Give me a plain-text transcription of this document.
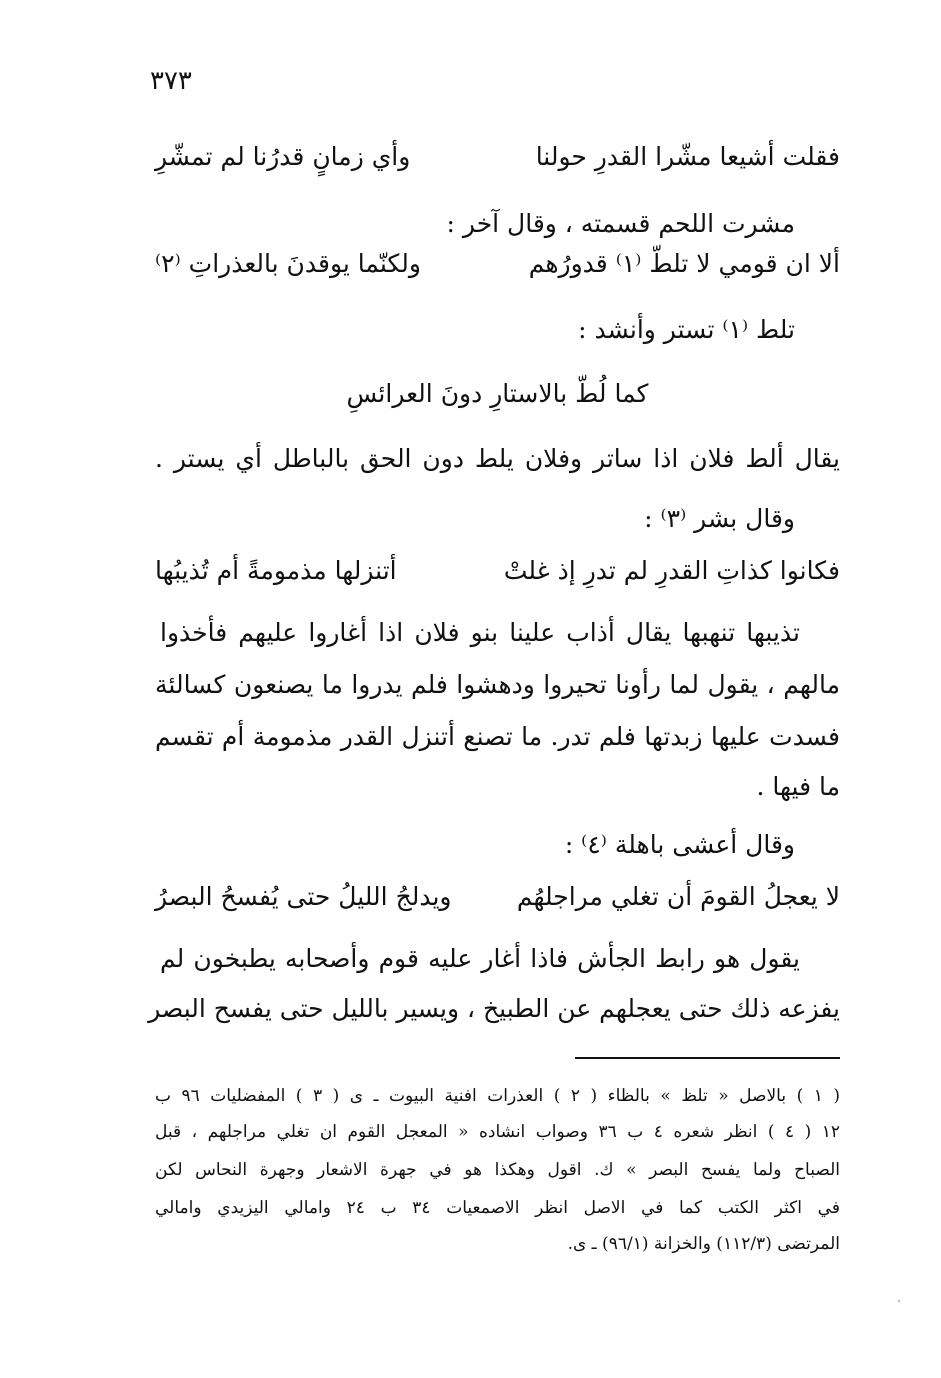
٣٧٣
فقلت أشيعا مشّرا القدرِ حولنا
وأي زمانٍ قدرُنا لم تمشّرِ
مشرت اللحم قسمته ، وقال آخر :
ألا ان قومي لا تلطّ ⁽١⁾ قدورُهم
ولكنّما يوقدنَ بالعذراتِ ⁽٢⁾
تلط ⁽١⁾ تستر وأنشد :
كما لُطّ بالاستارِ دونَ العرائسِ
يقال ألط فلان اذا ساتر وفلان يلط دون الحق بالباطل أي يستر .
وقال بشر ⁽٣⁾ :
فكانوا كذاتِ القدرِ لم تدرِ إذ غلتْ
أتنزلها مذمومةً أم تُذيبُها
تذيبها تنهبها يقال أذاب علينا بنو فلان اذا أغاروا عليهم فأخذوا
مالهم ، يقول لما رأونا تحيروا ودهشوا فلم يدروا ما يصنعون كسالئة
فسدت عليها زبدتها فلم تدر. ما تصنع أتنزل القدر مذمومة أم تقسم
ما فيها .
وقال أعشى باهلة ⁽٤⁾ :
لا يعجلُ القومَ أن تغلي مراجلهُم
ويدلجُ الليلُ حتى يُفسحُ البصرُ
يقول هو رابط الجأش فاذا أغار عليه قوم وأصحابه يطبخون لم
يفزعه ذلك حتى يعجلهم عن الطبيخ ، ويسير بالليل حتى يفسح البصر
( ١ ) بالاصل « تلظ » بالظاء ( ٢ ) العذرات افنية البيوت ـ ى ( ٣ ) المفضليات ٩٦ ب
١٢ ( ٤ ) انظر شعره ٤ ب ٣٦ وصواب انشاده « المعجل القوم ان تغلي مراجلهم ، قبل
الصباح ولما يفسح البصر » ك. اقول وهكذا هو في جهرة الاشعار وجهرة النحاس لكن
في اكثر الكتب كما في الاصل انظر الاصمعيات ٣٤ ب ٢٤ وامالي اليزيدي وامالي
المرتضى (١١٢/٣) والخزانة (٩٦/١) ـ ى.
